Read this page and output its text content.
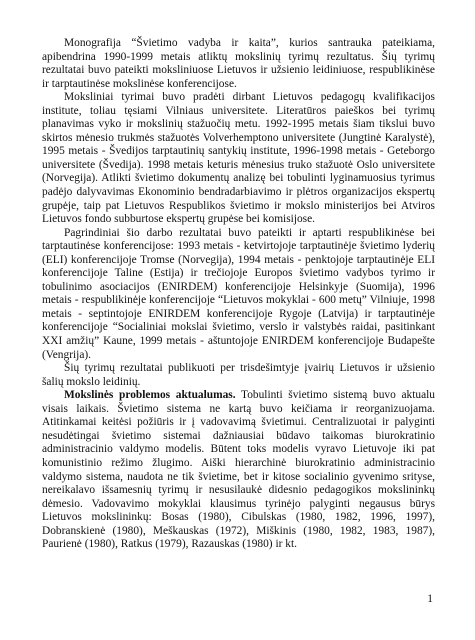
Monografija “Švietimo vadyba ir kaita”, kurios santrauka pateikiama, apibendrina 1990-1999 metais atliktų mokslinių tyrimų rezultatus. Šių tyrimų rezultatai buvo pateikti moksliniuose Lietuvos ir užsienio leidiniuose, respublikinėse ir tarptautinėse mokslinėse konferencijose.

Moksliniai tyrimai buvo pradėti dirbant Lietuvos pedagogų kvalifikacijos institute, toliau tęsiami Vilniaus universitete. Literatūros paieškos bei tyrimų planavimas vyko ir mokslinių stažuočių metu. 1992-1995 metais šiam tikslui buvo skirtos mėnesio trukmės stažuotės Volverhemptono universitete (Jungtinė Karalystė), 1995 metais - Švedijos tarptautinių santykių institute, 1996-1998 metais - Geteborgo universitete (Švedija). 1998 metais keturis mėnesius truko stažuotė Oslo universitete (Norvegija). Atlikti švietimo dokumentų analizę bei tobulinti lyginamuosius tyrimus padėjo dalyvavimas Ekonominio bendradarbiavimo ir plėtros organizacijos ekspertų grupėje, taip pat Lietuvos Respublikos švietimo ir mokslo ministerijos bei Atviros Lietuvos fondo subburtose ekspertų grupėse bei komisijose.

Pagrindiniai šio darbo rezultatai buvo pateikti ir aptarti respublikinėse bei tarptautinėse konferencijose: 1993 metais - ketvirtojoje tarptautinėje švietimo lyderių (ELI) konferencijoje Tromse (Norvegija), 1994 metais - penktojoje tarptautinėje ELI konferencijoje Taline (Estija) ir trečiojoje Europos švietimo vadybos tyrimo ir tobulinimo asociacijos (ENIRDEM) konferencijoje Helsinkyje (Suomija), 1996 metais - respublikinėje konferencijoje “Lietuvos mokyklai - 600 metų” Vilniuje, 1998 metais - septintojoje ENIRDEM konferencijoje Rygoje (Latvija) ir tarptautinėje konferencijoje “Socialiniai mokslai švietimo, verslo ir valstybės raidai, pasitinkant XXI amžių” Kaune, 1999 metais - aštuntojoje ENIRDEM konferencijoje Budapešte (Vengrija).

Šių tyrimų rezultatai publikuoti per trisdešimtyje įvairių Lietuvos ir užsienio šalių mokslo leidinių.

Mokslinės problemos aktualumas. Tobulinti švietimo sistemą buvo aktualu visais laikais. Švietimo sistema ne kartą buvo keičiama ir reorganizuojama. Atitinkamai keitėsi požiūris ir į vadovavimą švietimui. Centralizuotai ir palyginti nesudėtingai švietimo sistemai dažniausiai būdavo taikomas biurokratinio administracinio valdymo modelis. Būtent toks modelis vyravo Lietuvoje iki pat komunistinio režimo žlugimo. Aiški hierarchinė biurokratinio administracinio valdymo sistema, naudota ne tik švietime, bet ir kitose socialinio gyvenimo srityse, nereikalavo išsamesnių tyrimų ir nesusilaukė didesnio pedagogikos mokslininkų dėmesio. Vadovavimo mokyklai klausimus tyrinėjo palyginti negausus būrys Lietuvos mokslininkų: Bosas (1980), Cibulskas (1980, 1982, 1996, 1997), Dobranskienė (1980), Meškauskas (1972), Miškinis (1980, 1982, 1983, 1987), Paurienė (1980), Ratkus (1979), Razauskas (1980) ir kt.

1
